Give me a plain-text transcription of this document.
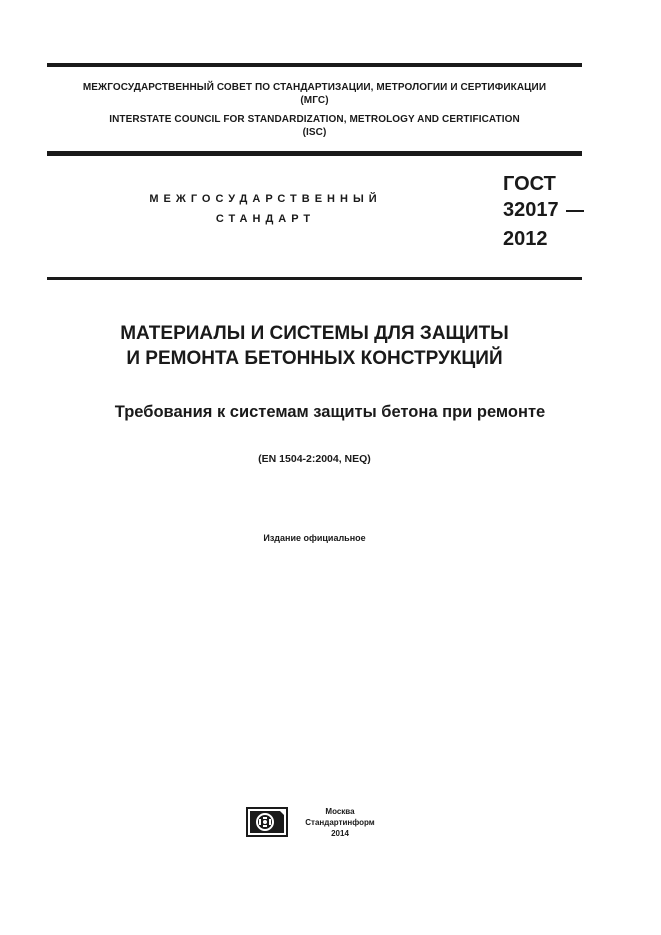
МЕЖГОСУДАРСТВЕННЫЙ СОВЕТ ПО СТАНДАРТИЗАЦИИ, МЕТРОЛОГИИ И СЕРТИФИКАЦИИ
(МГС)
INTERSTATE COUNCIL FOR STANDARDIZATION, METROLOGY AND CERTIFICATION
(ISC)
МЕЖГОСУДАРСТВЕННЫЙ
СТАНДАРТ
ГОСТ
32017
2012
МАТЕРИАЛЫ И СИСТЕМЫ ДЛЯ ЗАЩИТЫ
И РЕМОНТА БЕТОННЫХ КОНСТРУКЦИЙ
Требования к системам защиты бетона при ремонте
(EN 1504-2:2004, NEQ)
Издание официальное
Москва
Стандартинформ
2014
